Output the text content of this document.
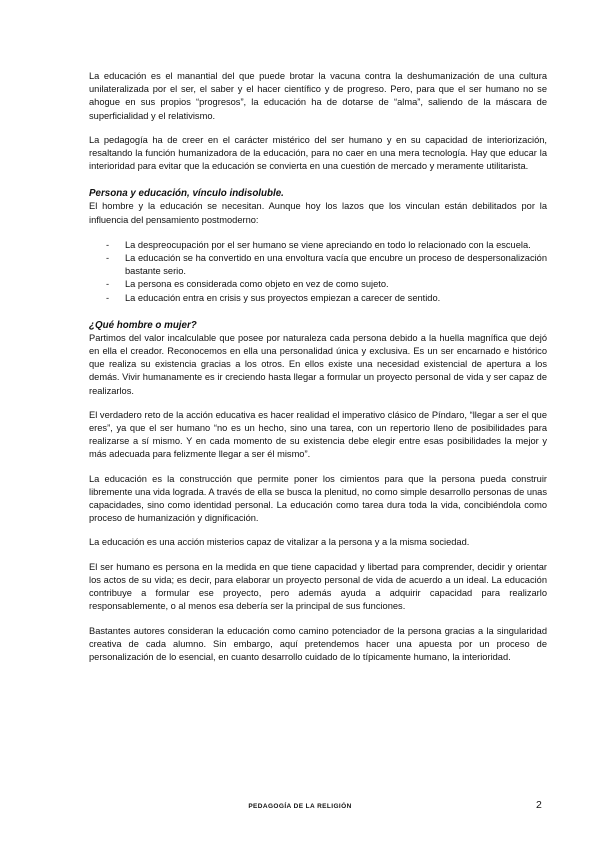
La educación es el manantial del que puede brotar la vacuna contra la deshumanización de una cultura unilateralizada por el ser, el saber y el hacer científico y de progreso. Pero, para que el ser humano no se ahogue en sus propios “progresos”, la educación ha de dotarse de “alma”, saliendo de la máscara de superficialidad y el relativismo.

La pedagogía ha de creer en el carácter mistérico del ser humano y en su capacidad de interiorización, resaltando la función humanizadora de la educación, para no caer en una mera tecnología. Hay que educar la interioridad para evitar que la educación se convierta en una cuestión de mercado y meramente utilitarista.

Persona y educación, vínculo indisoluble.

El hombre y la educación se necesitan. Aunque hoy los lazos que los vinculan están debilitados por la influencia del pensamiento postmoderno:

- La despreocupación por el ser humano se viene apreciando en todo lo relacionado con la escuela.
- La educación se ha convertido en una envoltura vacía que encubre un proceso de despersonalización bastante serio.
- La persona es considerada como objeto en vez de como sujeto.
- La educación entra en crisis y sus proyectos empiezan a carecer de sentido.
¿Qué hombre o mujer?

Partimos del valor incalculable que posee por naturaleza cada persona debido a la huella magnífica que dejó en ella el creador. Reconocemos en ella una personalidad única y exclusiva. Es un ser encarnado e histórico que realiza su existencia gracias a los otros. En ellos existe una necesidad existencial de apertura a los demás. Vivir humanamente es ir creciendo hasta llegar a formular un proyecto personal de vida y ser capaz de realizarlos.

El verdadero reto de la acción educativa es hacer realidad el imperativo clásico de Píndaro, “llegar a ser el que eres”, ya que el ser humano “no es un hecho, sino una tarea, con un repertorio lleno de posibilidades para realizarse a sí mismo. Y en cada momento de su existencia debe elegir entre esas posibilidades la mejor y más adecuada para felizmente llegar a ser él mismo”.

La educación es la construcción que permite poner los cimientos para que la persona pueda construir libremente una vida lograda. A través de ella se busca la plenitud, no como simple desarrollo personas de unas capacidades, sino como identidad personal. La educación como tarea dura toda la vida, concibiéndola como proceso de humanización y dignificación.

La educación es una acción misterios capaz de vitalizar a la persona y a la misma sociedad.

El ser humano es persona en la medida en que tiene capacidad y libertad para comprender, decidir y orientar los actos de su vida; es decir, para elaborar un proyecto personal de vida de acuerdo a un ideal. La educación contribuye a formular ese proyecto, pero además ayuda a adquirir capacidad para realizarlo responsablemente, o al menos esa debería ser la principal de sus funciones.

Bastantes autores consideran la educación como camino potenciador de la persona gracias a la singularidad creativa de cada alumno. Sin embargo, aquí pretendemos hacer una apuesta por un proceso de personalización de lo esencial, en cuanto desarrollo cuidado de lo típicamente humano, la interioridad.

PEDAGOGÍA DE LA RELIGIÓN	2
